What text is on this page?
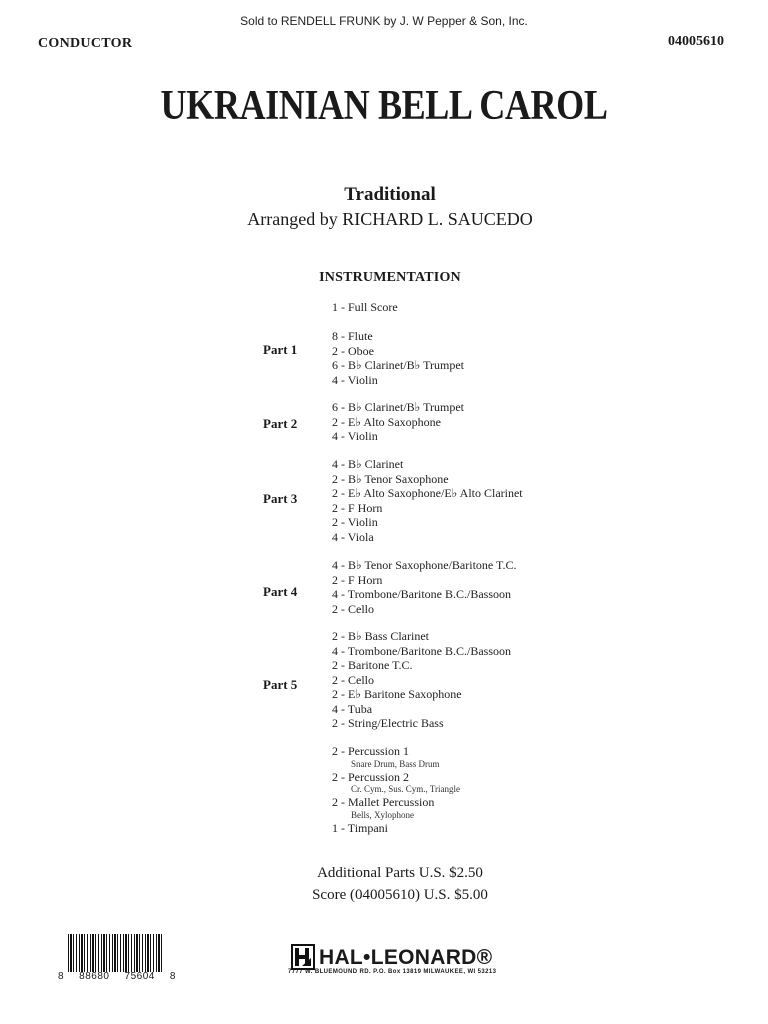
Sold to RENDELL FRUNK by J. W Pepper & Son, Inc.
CONDUCTOR	04005610
UKRAINIAN BELL CAROL
Traditional
Arranged by RICHARD L. SAUCEDO
INSTRUMENTATION
1 - Full Score
Part 1
8 - Flute
2 - Oboe
6 - B♭ Clarinet/B♭ Trumpet
4 - Violin
Part 2
6 - B♭ Clarinet/B♭ Trumpet
2 - E♭ Alto Saxophone
4 - Violin
Part 3
4 - B♭ Clarinet
2 - B♭ Tenor Saxophone
2 - E♭ Alto Saxophone/E♭ Alto Clarinet
2 - F Horn
2 - Violin
4 - Viola
Part 4
4 - B♭ Tenor Saxophone/Baritone T.C.
2 - F Horn
4 - Trombone/Baritone B.C./Bassoon
2 - Cello
Part 5
2 - B♭ Bass Clarinet
4 - Trombone/Baritone B.C./Bassoon
2 - Baritone T.C.
2 - Cello
2 - E♭ Baritone Saxophone
4 - Tuba
2 - String/Electric Bass
2 - Percussion 1
Snare Drum, Bass Drum
2 - Percussion 2
Cr. Cym., Sus. Cym., Triangle
2 - Mallet Percussion
Bells, Xylophone
1 - Timpani
Additional Parts U.S. $2.50
Score (04005610) U.S. $5.00
8 88680 75604 8
HAL•LEONARD®
7777 W. BLUEMOUND RD. P.O. Box 13819 MILWAUKEE, WI 53213
